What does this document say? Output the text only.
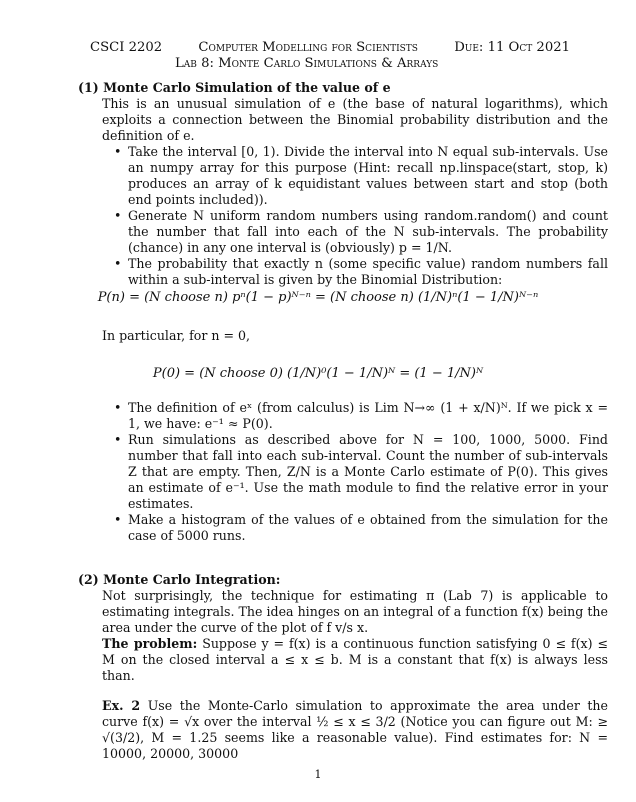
CSCI 2202	Computer Modelling for Scientists	Due: 11 Oct 2021
Lab 8: Monte Carlo Simulations & Arrays
(1) Monte Carlo Simulation of the value of e
This is an unusual simulation of e (the base of natural logarithms), which exploits a connection between the Binomial probability distribution and the definition of e.
• Take the interval [0, 1). Divide the interval into N equal sub-intervals. Use an numpy array for this purpose (Hint: recall np.linspace(start, stop, k) produces an array of k equidistant values between start and stop (both end points included)).
• Generate N uniform random numbers using random.random() and count the number that fall into each of the N sub-intervals. The probability (chance) in any one interval is (obviously) p = 1/N.
• The probability that exactly n (some specific value) random numbers fall within a sub-interval is given by the Binomial Distribution:
P(n) = (N choose n) pⁿ(1 − p)ᴺ⁻ⁿ = (N choose n) (1/N)ⁿ(1 − 1/N)ᴺ⁻ⁿ
In particular, for n = 0,
P(0) = (N choose 0) (1/N)⁰(1 − 1/N)ᴺ = (1 − 1/N)ᴺ
• The definition of eˣ (from calculus) is Lim N→∞ (1 + x/N)ᴺ. If we pick x = 1, we have: e⁻¹ ≈ P(0).
• Run simulations as described above for N = 100, 1000, 5000. Find number that fall into each sub-interval. Count the number of sub-intervals Z that are empty. Then, Z/N is a Monte Carlo estimate of P(0). This gives an estimate of e⁻¹. Use the math module to find the relative error in your estimates.
• Make a histogram of the values of e obtained from the simulation for the case of 5000 runs.
(2) Monte Carlo Integration:
Not surprisingly, the technique for estimating π (Lab 7) is applicable to estimating integrals. The idea hinges on an integral of a function f(x) being the area under the curve of the plot of f v/s x.
The problem: Suppose y = f(x) is a continuous function satisfying 0 ≤ f(x) ≤ M on the closed interval a ≤ x ≤ b. M is a constant that f(x) is always less than.
Ex. 2 Use the Monte-Carlo simulation to approximate the area under the curve f(x) = √x over the interval ½ ≤ x ≤ 3/2 (Notice you can figure out M: ≥ √(3/2), M = 1.25 seems like a reasonable value). Find estimates for: N = 10000, 20000, 30000
1
